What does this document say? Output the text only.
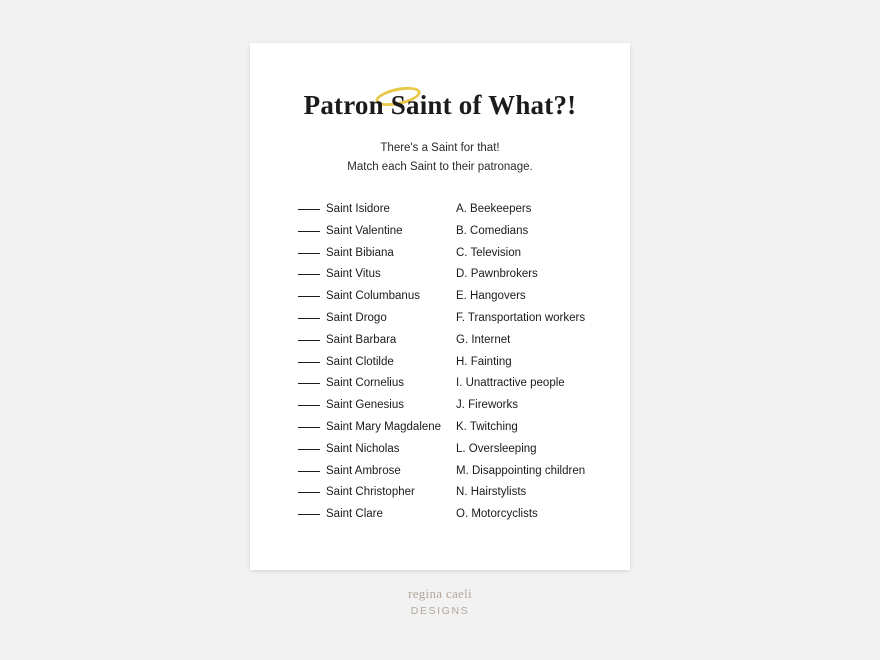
Patron Saint of What?!
There's a Saint for that!
Match each Saint to their patronage.
Saint Isidore
Saint Valentine
Saint Bibiana
Saint Vitus
Saint Columbanus
Saint Drogo
Saint Barbara
Saint Clotilde
Saint Cornelius
Saint Genesius
Saint Mary Magdalene
Saint Nicholas
Saint Ambrose
Saint Christopher
Saint Clare
A. Beekeepers
B. Comedians
C. Television
D. Pawnbrokers
E. Hangovers
F. Transportation workers
G. Internet
H. Fainting
I. Unattractive people
J. Fireworks
K. Twitching
L. Oversleeping
M. Disappointing children
N. Hairstylists
O. Motorcyclists
regina caeli
DESIGNS
